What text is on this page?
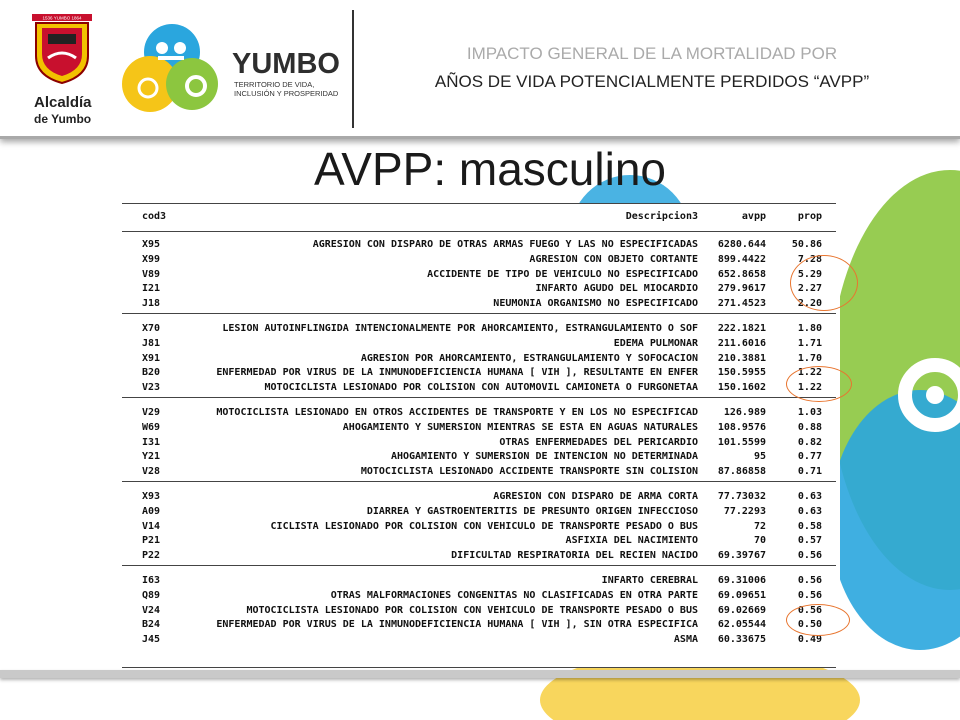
1536 YUMBO 1864
Alcaldía
de Yumbo
YUMBO
TERRITORIO DE VIDA, INCLUSIÓN Y PROSPERIDAD
IMPACTO GENERAL DE LA MORTALIDAD POR
AÑOS DE VIDA POTENCIALMENTE PERDIDOS “AVPP”
AVPP: masculino
cod3	Descripcion3	avpp	prop
X95	AGRESION CON DISPARO DE OTRAS ARMAS FUEGO Y LAS NO ESPECIFICADAS 6280.644	50.86
X99	AGRESION CON OBJETO CORTANTE 899.4422	7.28
V89	ACCIDENTE DE TIPO DE VEHICULO NO ESPECIFICADO 652.8658	5.29
I21	INFARTO AGUDO DEL MIOCARDIO 279.9617	2.27
J18	NEUMONIA ORGANISMO NO ESPECIFICADO 271.4523	2.20
X70	LESION AUTOINFLINGIDA INTENCIONALMENTE POR AHORCAMIENTO, ESTRANGULAMIENTO O SOF 222.1821	1.80
J81	EDEMA PULMONAR 211.6016	1.71
X91	AGRESION POR AHORCAMIENTO, ESTRANGULAMIENTO Y SOFOCACION 210.3881	1.70
B20	ENFERMEDAD POR VIRUS DE LA INMUNODEFICIENCIA HUMANA [ VIH ], RESULTANTE EN ENFER 150.5955	1.22
V23	MOTOCICLISTA LESIONADO POR COLISION CON AUTOMOVIL CAMIONETA O FURGONETAA 150.1602	1.22
V29	MOTOCICLISTA LESIONADO EN OTROS ACCIDENTES DE TRANSPORTE Y EN LOS NO ESPECIFICAD	126.989	1.03
W69	AHOGAMIENTO Y SUMERSION MIENTRAS SE ESTA EN AGUAS NATURALES 108.9576	0.88
I31	OTRAS ENFERMEDADES DEL PERICARDIO 101.5599	0.82
Y21	AHOGAMIENTO Y SUMERSION DE INTENCION NO DETERMINADA	95	0.77
V28	MOTOCICLISTA LESIONADO ACCIDENTE TRANSPORTE SIN COLISION 87.86858	0.71
X93	AGRESION CON DISPARO DE ARMA CORTA 77.73032	0.63
A09	DIARREA Y GASTROENTERITIS DE PRESUNTO ORIGEN INFECCIOSO	77.2293	0.63
V14	CICLISTA LESIONADO POR COLISION CON VEHICULO DE TRANSPORTE PESADO O BUS	72	0.58
P21	ASFIXIA DEL NACIMIENTO	70	0.57
P22	DIFICULTAD RESPIRATORIA DEL RECIEN NACIDO 69.39767	0.56
I63	INFARTO CEREBRAL 69.31006	0.56
Q89	OTRAS MALFORMACIONES CONGENITAS NO CLASIFICADAS EN OTRA PARTE 69.09651	0.56
V24	MOTOCICLISTA LESIONADO POR COLISION CON VEHICULO DE TRANSPORTE PESADO O BUS 69.02669	0.56
B24	ENFERMEDAD POR VIRUS DE LA INMUNODEFICIENCIA HUMANA [ VIH ], SIN OTRA ESPECIFICA 62.05544	0.50
J45	ASMA 60.33675	0.49
